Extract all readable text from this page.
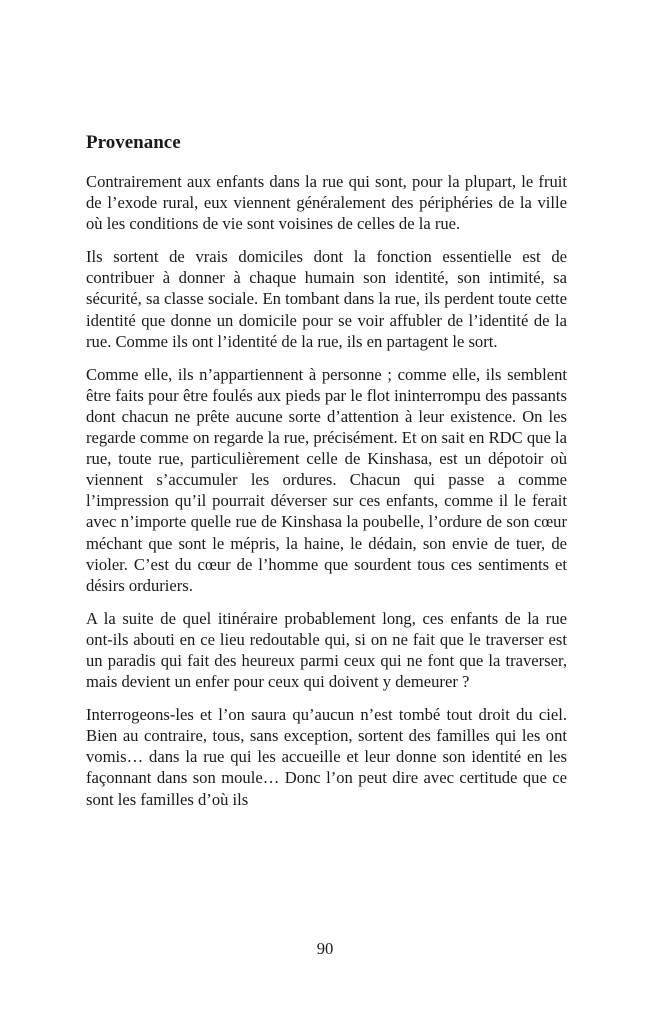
Provenance

Contrairement aux enfants dans la rue qui sont, pour la plupart, le fruit de l’exode rural, eux viennent généralement des périphéries de la ville où les conditions de vie sont voisines de celles de la rue.

Ils sortent de vrais domiciles dont la fonction essentielle est de contribuer à donner à chaque humain son identité, son intimité, sa sécurité, sa classe sociale. En tombant dans la rue, ils perdent toute cette identité que donne un domicile pour se voir affubler de l’identité de la rue. Comme ils ont l’identité de la rue, ils en partagent le sort.

Comme elle, ils n’appartiennent à personne ; comme elle, ils semblent être faits pour être foulés aux pieds par le flot ininterrompu des passants dont chacun ne prête aucune sorte d’attention à leur existence. On les regarde comme on regarde la rue, précisément. Et on sait en RDC que la rue, toute rue, particulièrement celle de Kinshasa, est un dépotoir où viennent s’accumuler les ordures. Chacun qui passe a comme l’impression qu’il pourrait déverser sur ces enfants, comme il le ferait avec n’importe quelle rue de Kinshasa la poubelle, l’ordure de son cœur méchant que sont le mépris, la haine, le dédain, son envie de tuer, de violer. C’est du cœur de l’homme que sourdent tous ces sentiments et désirs orduriers.

A la suite de quel itinéraire probablement long, ces enfants de la rue ont-ils abouti en ce lieu redoutable qui, si on ne fait que le traverser est un paradis qui fait des heureux parmi ceux qui ne font que la traverser, mais devient un enfer pour ceux qui doivent y demeurer ?

Interrogeons-les et l’on saura qu’aucun n’est tombé tout droit du ciel. Bien au contraire, tous, sans exception, sortent des familles qui les ont vomis… dans la rue qui les accueille et leur donne son identité en les façonnant dans son moule… Donc l’on peut dire avec certitude que ce sont les familles d’où ils

90
